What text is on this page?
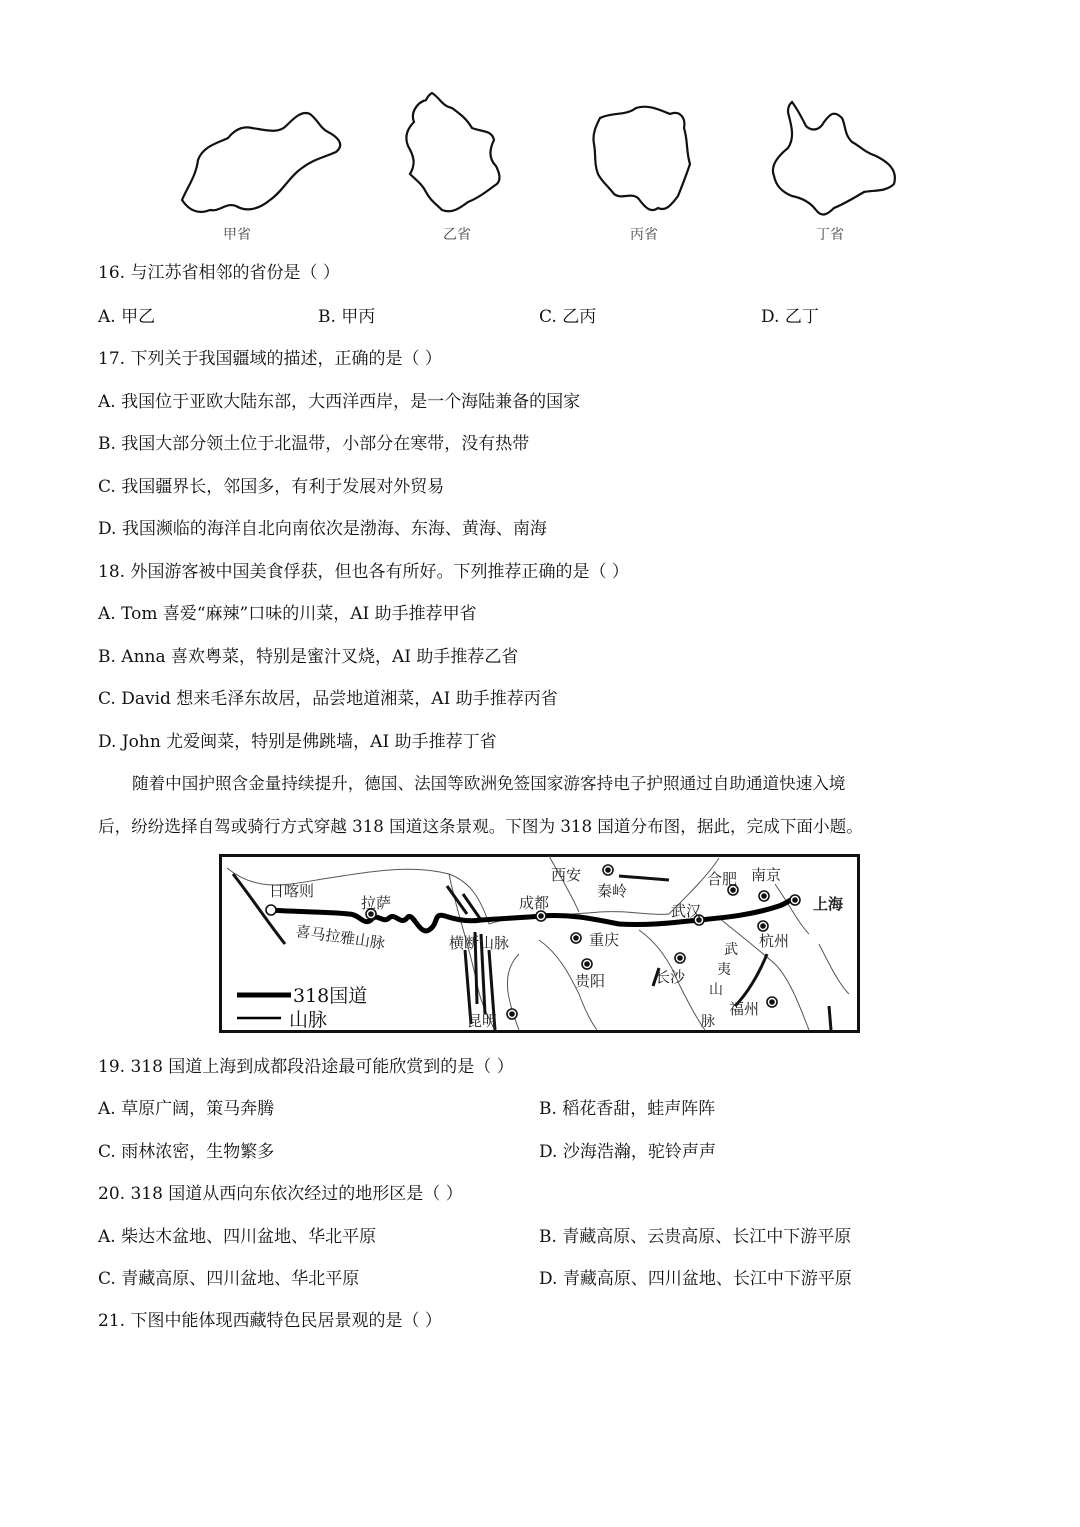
甲省	乙省	丙省	丁省
16. 与江苏省相邻的省份是（ ）
A. 甲乙	B. 甲丙	C. 乙丙	D. 乙丁
17. 下列关于我国疆域的描述，正确的是（ ）
A. 我国位于亚欧大陆东部，大西洋西岸，是一个海陆兼备的国家
B. 我国大部分领土位于北温带，小部分在寒带，没有热带
C. 我国疆界长，邻国多，有利于发展对外贸易
D. 我国濒临的海洋自北向南依次是渤海、东海、黄海、南海
18. 外国游客被中国美食俘获，但也各有所好。下列推荐正确的是（ ）
A. Tom 喜爱“麻辣”口味的川菜，AI 助手推荐甲省
B. Anna 喜欢粤菜，特别是蜜汁叉烧，AI 助手推荐乙省
C. David 想来毛泽东故居，品尝地道湘菜，AI 助手推荐丙省
D. John 尤爱闽菜，特别是佛跳墙，AI 助手推荐丁省
随着中国护照含金量持续提升，德国、法国等欧洲免签国家游客持电子护照通过自助通道快速入境
后，纷纷选择自驾或骑行方式穿越 318 国道这条景观。下图为 318 国道分布图，据此，完成下面小题。
日喀则
拉萨	成都
西安	合肥 南京
上海
武汉
重庆	杭州
长沙
贵阳
昆明
福州
喜马拉雅山脉	横断山脉
秦岭
武
夷
山
脉
318国道
山脉
19. 318 国道上海到成都段沿途最可能欣赏到的是（ ）
A. 草原广阔，策马奔腾	B. 稻花香甜，蛙声阵阵
C. 雨林浓密，生物繁多	D. 沙海浩瀚，驼铃声声
20. 318 国道从西向东依次经过的地形区是（ ）
A. 柴达木盆地、四川盆地、华北平原	B. 青藏高原、云贵高原、长江中下游平原
C. 青藏高原、四川盆地、华北平原	D. 青藏高原、四川盆地、长江中下游平原
21. 下图中能体现西藏特色民居景观的是（ ）
